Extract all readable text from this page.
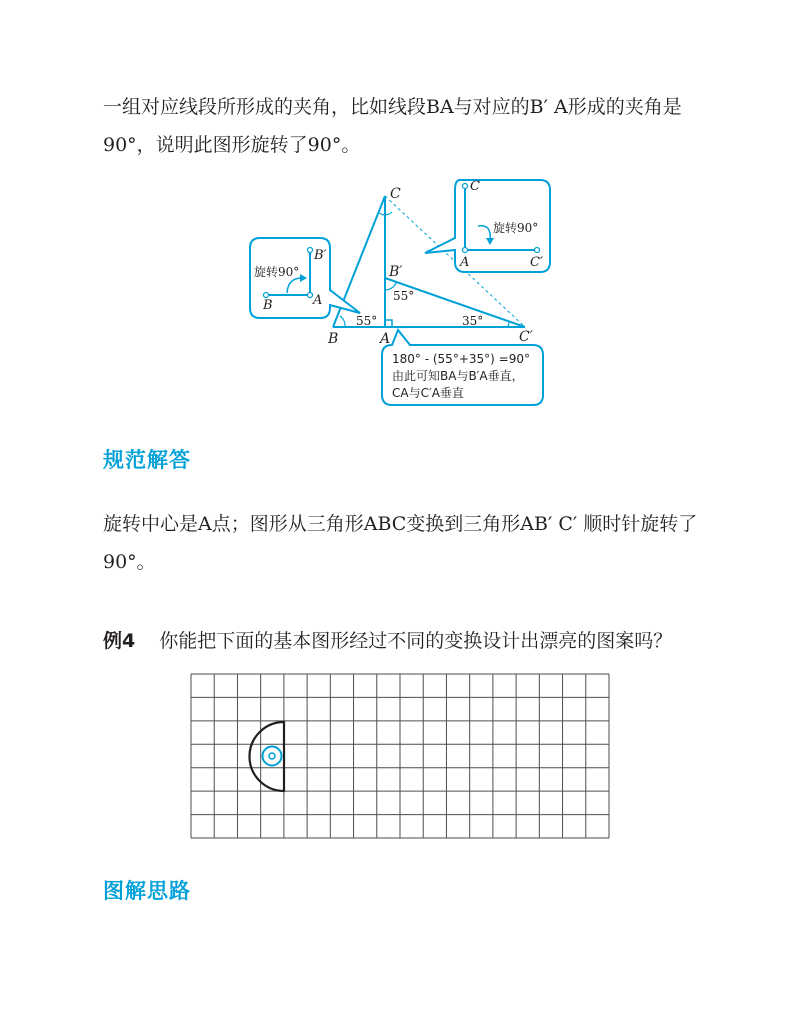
一组对应线段所形成的夹角，比如线段BA与对应的B′ A形成的夹角是
90°，说明此图形旋转了90°。

C
旋转90°
A	C′
B′
旋转90°
B	A
180° - (55°+35°) =90°
由此可知BA与B′A垂直，
CA与C′A垂直
C
B′
A
B	C′
55°
55°	35°
规范解答

旋转中心是A点；图形从三角形ABC变换到三角形AB′ C′ 顺时针旋转了
90°。

例4 你能把下面的基本图形经过不同的变换设计出漂亮的图案吗？
图解思路
